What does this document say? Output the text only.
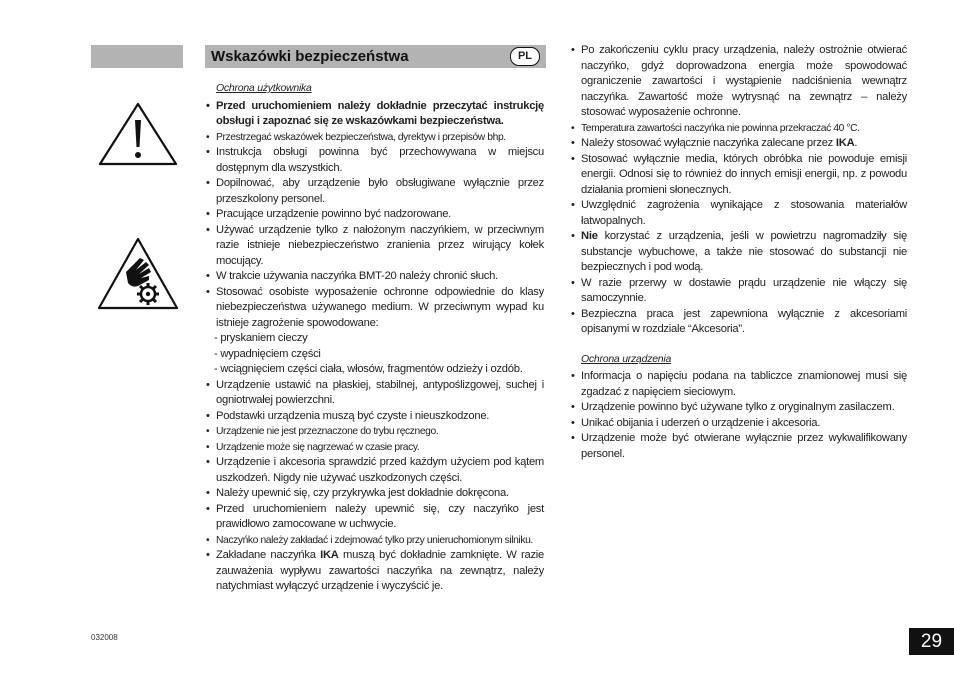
Wskazówki bezpieczeństwa	PL
Ochrona użytkownika
• Przed uruchomieniem należy dokładnie przeczytać instrukcję obsługi i zapoznać się ze wskazówkami bezpieczeństwa.
• Przestrzegać wskazówek bezpieczeństwa, dyrektyw i przepisów bhp.
• Instrukcja obsługi powinna być przechowywana w miejscu dostępnym dla wszystkich.
• Dopilnować, aby urządzenie było obsługiwane wyłącznie przez przeszkolony personel.
• Pracujące urządzenie powinno być nadzorowane.
• Używać urządzenie tylko z nałożonym naczyńkiem, w przeciwnym razie istnieje niebezpieczeństwo zranienia przez wirujący kołek mocujący.
• W trakcie używania naczyńka BMT-20 należy chronić słuch.
• Stosować osobiste wyposażenie ochronne odpowiednie do klasy niebezpieczeństwa używanego medium. W przeciwnym wypad ku istnieje zagrożenie spowodowane:
- pryskaniem cieczy
- wypadnięciem części
- wciągnięciem części ciała, włosów, fragmentów odzieży i ozdób.
• Urządzenie ustawić na płaskiej, stabilnej, antypoślizgowej, suchej i ogniotrwałej powierzchni.
• Podstawki urządzenia muszą być czyste i nieuszkodzone.
• Urządzenie nie jest przeznaczone do trybu ręcznego.
• Urządzenie może się nagrzewać w czasie pracy.
• Urządzenie i akcesoria sprawdzić przed każdym użyciem pod kątem uszkodzeń. Nigdy nie używać uszkodzonych części.
• Należy upewnić się, czy przykrywka jest dokładnie dokręcona.
• Przed uruchomieniem należy upewnić się, czy naczyńko jest prawidłowo zamocowane w uchwycie.
• Naczyńko należy zakładać i zdejmować tylko przy unieruchomionym silniku.
• Zakładane naczyńka IKA muszą być dokładnie zamknięte. W razie zauważenia wypływu zawartości naczyńka na zewnątrz, należy natychmiast wyłączyć urządzenie i wyczyścić je.
• Po zakończeniu cyklu pracy urządzenia, należy ostrożnie otwierać naczyńko, gdyż doprowadzona energia może spowodować ograniczenie zawartości i wystąpienie nadciśnienia wewnątrz naczyńka. Zawartość może wytrysnąć na zewnątrz – należy stosować wyposażenie ochronne.
• Temperatura zawartości naczyńka nie powinna przekraczać 40 °C.
• Należy stosować wyłącznie naczyńka zalecane przez IKA.
• Stosować wyłącznie media, których obróbka nie powoduje emisji energii. Odnosi się to również do innych emisji energii, np. z powodu działania promieni słonecznych.
• Uwzględnić zagrożenia wynikające z stosowania materiałów łatwopalnych.
• Nie korzystać z urządzenia, jeśli w powietrzu nagromadziły się substancje wybuchowe, a także nie stosować do substancji nie bezpiecznych i pod wodą.
• W razie przerwy w dostawie prądu urządzenie nie włączy się samoczynnie.
• Bezpieczna praca jest zapewniona wyłącznie z akcesoriami opisanymi w rozdziale “Akcesoria”.
Ochrona urządzenia
• Informacja o napięciu podana na tabliczce znamionowej musi się zgadzać z napięciem sieciowym.
• Urządzenie powinno być używane tylko z oryginalnym zasilaczem.
• Unikać obijania i uderzeń o urządzenie i akcesoria.
• Urządzenie może być otwierane wyłącznie przez wykwalifikowany personel.
032008	29
